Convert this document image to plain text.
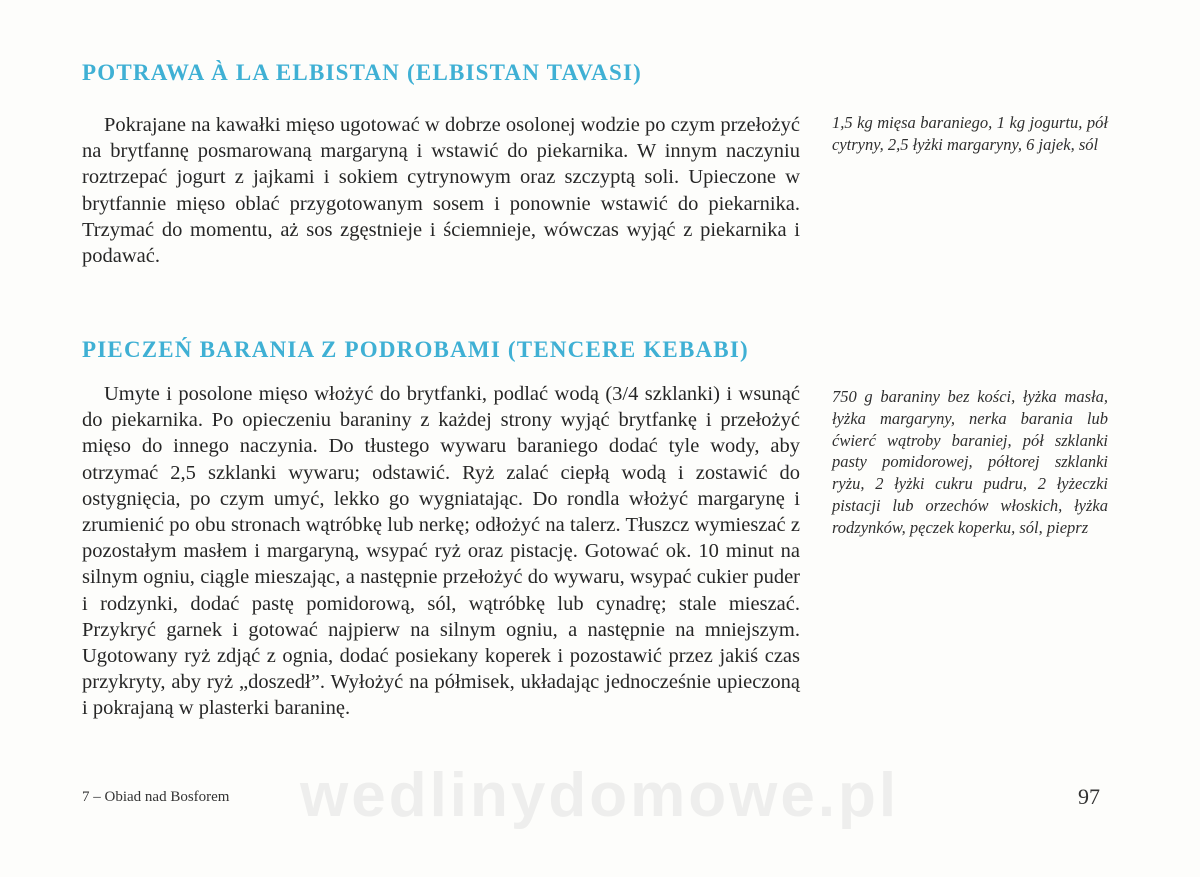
POTRAWA À LA ELBISTAN (ELBISTAN TAVASI)

Pokrajane na kawałki mięso ugotować w dobrze osolonej wodzie po czym przełożyć na brytfannę posmarowaną margaryną i wstawić do piekarnika. W innym naczyniu roztrzepać jogurt z jajkami i sokiem cytrynowym oraz szczyptą soli. Upieczone w brytfannie mięso oblać przygotowanym sosem i ponownie wstawić do piekarnika. Trzymać do momentu, aż sos zgęstnieje i ściemnieje, wówczas wyjąć z piekarnika i podawać.

1,5 kg mięsa baraniego, 1 kg jogurtu, pół cytryny, 2,5 łyżki margaryny, 6 jajek, sól

PIECZEŃ BARANIA Z PODROBAMI (TENCERE KEBABI)

Umyte i posolone mięso włożyć do brytfanki, podlać wodą (3/4 szklanki) i wsunąć do piekarnika. Po opieczeniu baraniny z każdej strony wyjąć brytfankę i przełożyć mięso do innego naczynia. Do tłustego wywaru baraniego dodać tyle wody, aby otrzymać 2,5 szklanki wywaru; odstawić. Ryż zalać ciepłą wodą i zostawić do ostygnięcia, po czym umyć, lekko go wygniatając. Do rondla włożyć margarynę i zrumienić po obu stronach wątróbkę lub nerkę; odłożyć na talerz. Tłuszcz wymieszać z pozostałym masłem i margaryną, wsypać ryż oraz pistację. Gotować ok. 10 minut na silnym ogniu, ciągle mieszając, a następnie przełożyć do wywaru, wsypać cukier puder i rodzynki, dodać pastę pomidorową, sól, wątróbkę lub cynadrę; stale mieszać. Przykryć garnek i gotować najpierw na silnym ogniu, a następnie na mniejszym. Ugotowany ryż zdjąć z ognia, dodać posiekany koperek i pozostawić przez jakiś czas przykryty, aby ryż „doszedł”. Wyłożyć na półmisek, układając jednocześnie upieczoną i pokrajaną w plasterki baraninę.

750 g baraniny bez kości, łyżka masła, łyżka margaryny, nerka barania lub ćwierć wątroby baraniej, pół szklanki pasty pomidorowej, półtorej szklanki ryżu, 2 łyżki cukru pudru, 2 łyżeczki pistacji lub orzechów włoskich, łyżka rodzynków, pęczek koperku, sól, pieprz

7 – Obiad nad Bosforem wedlinydomowe.pl	97
